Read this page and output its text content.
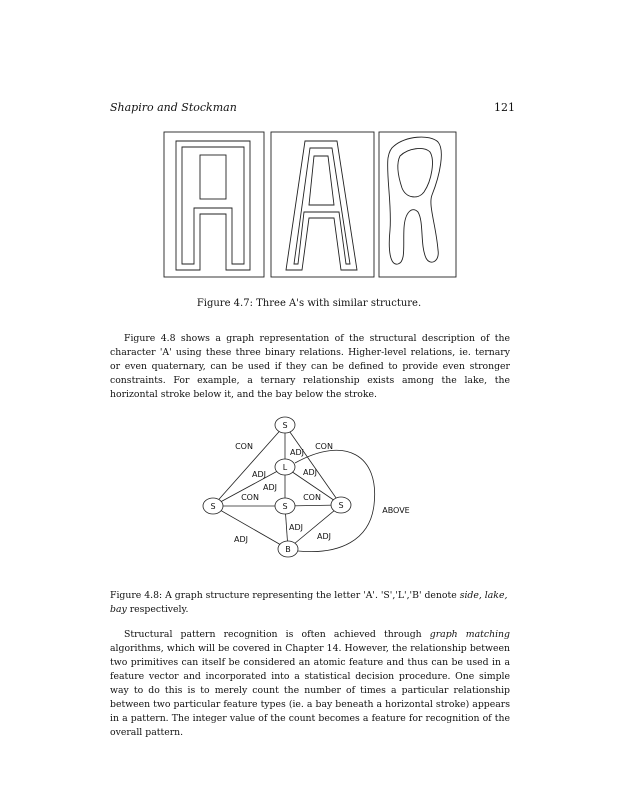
Shapiro and Stockman	121
Figure 4.7: Three A's with similar structure.

Figure 4.8 shows a graph representation of the structural description of the character 'A' using these three binary relations. Higher-level relations, ie. ternary or even quaternary, can be used if they can be defined to provide even stronger constraints. For example, a ternary relationship exists among the lake, the horizontal stroke below it, and the bay below the stroke.

S
L
S	S	S
B
CON	CON
ADJ
ADJ	ADJ
ADJ
CON	CON
ADJ
ADJ	ADJ
ABOVE

Figure 4.8: A graph structure representing the letter 'A'. 'S','L','B' denote side, lake, bay respectively.

Structural pattern recognition is often achieved through graph matching algorithms, which will be covered in Chapter 14. However, the relationship between two primitives can itself be considered an atomic feature and thus can be used in a feature vector and incorporated into a statistical decision procedure. One simple way to do this is to merely count the number of times a particular relationship between two particular feature types (ie. a bay beneath a horizontal stroke) appears in a pattern. The integer value of the count becomes a feature for recognition of the overall pattern.
